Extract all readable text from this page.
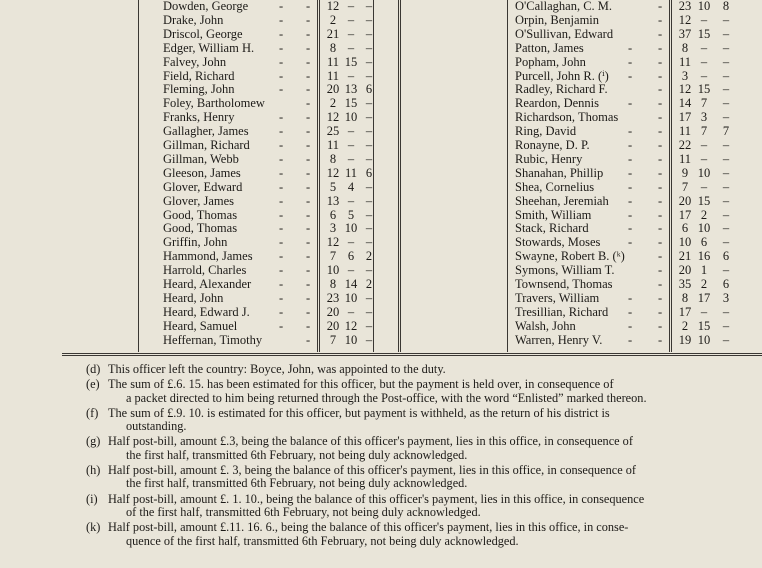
Dowden, George - -	12 – –
Drake, John	- -	2 – –
Driscol, George	- -	21 – –
Edger, William H. - -	8 – –
Falvey, John	- -	11 15 –
Field, Richard	- -	11 – –
Fleming, John	- -	20 13 6
Foley, Bartholomew	-	2 15 –
Franks, Henry	- -	12 10 –
Gallagher, James - -	25 – –
Gillman, Richard - -	11 – –
Gillman, Webb	- -	8 – –
Gleeson, James	- -	12 11 6
Glover, Edward	- -	5 4 –
Glover, James	- -	13 – –
Good, Thomas	- -	6 5 –
Good, Thomas	- -	3 10 –
Griffin, John	- -	12 – –
Hammond, James - -	7 6 2
Harrold, Charles	- -	10 – –
Heard, Alexander - -	8 14 2
Heard, John	- -	23 10 –
Heard, Edward J. - -	20 – –
Heard, Samuel	- -	20 12 –
Heffernan, Timothy	-	7 10 –
O'Callaghan, C. M.	-	23 10	8
Orpin, Benjamin	-	12 –	–
O'Sullivan, Edward	-	37 15	–
Patton, James	- -	8	–	–
Popham, John	- -	11 –	–
Purcell, John R. (ⁱ) - -	3	–	–
Radley, Richard F.	-	12 15	–
Reardon, Dennis - -	14 7	–
Richardson, Thomas	-	17 3	–
Ring, David	- -	11 7	7
Ronayne, D. P.	- -	22 –	–
Rubic, Henry	- -	11 –	–
Shanahan, Phillip - -	9 10	–
Shea, Cornelius	- -	7	–	–
Sheehan, Jeremiah - -	20 15	–
Smith, William	- -	17 2	–
Stack, Richard	- -	6 10	–
Stowards, Moses - -	10 6	–
Swayne, Robert B. (ᵏ)	-	21 16	6
Symons, William T.	-	20 1	–
Townsend, Thomas	-	35 2	6
Travers, William - -	8 17	3
Tresillian, Richard - -	17 –	–
Walsh, John	- -	2 15	–
Warren, Henry V. - -	19 10	–
(d) This officer left the country: Boyce, John, was appointed to the duty.
(e) The sum of £.6. 15. has been estimated for this officer, but the payment is held over, in consequence of
a packet directed to him being returned through the Post-office, with the word “Enlisted” marked thereon.
(f) The sum of £.9. 10. is estimated for this officer, but payment is withheld, as the return of his district is
outstanding.
(g) Half post-bill, amount £.3, being the balance of this officer's payment, lies in this office, in consequence of
the first half, transmitted 6th February, not being duly acknowledged.
(h) Half post-bill, amount £. 3, being the balance of this officer's payment, lies in this office, in consequence of
the first half, transmitted 6th February, not being duly acknowledged.
(i) Half post-bill, amount £. 1. 10., being the balance of this officer's payment, lies in this office, in consequence
of the first half, transmitted 6th February, not being duly acknowledged.
(k) Half post-bill, amount £.11. 16. 6., being the balance of this officer's payment, lies in this office, in conse-
quence of the first half, transmitted 6th February, not being duly acknowledged.
